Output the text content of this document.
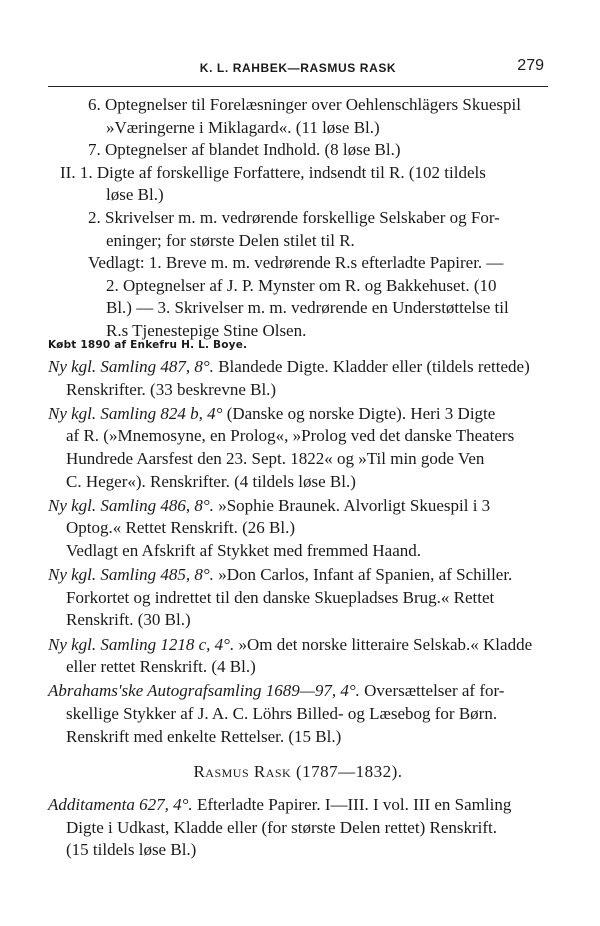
K. L. RAHBEK—RASMUS RASK	279
6. Optegnelser til Forelæsninger over Oehlenschlägers Skuespil
»Væringerne i Miklagard«. (11 løse Bl.)
7. Optegnelser af blandet Indhold. (8 løse Bl.)
II. 1. Digte af forskellige Forfattere, indsendt til R. (102 tildels
løse Bl.)
2. Skrivelser m. m. vedrørende forskellige Selskaber og For-
eninger; for største Delen stilet til R.
Vedlagt: 1. Breve m. m. vedrørende R.s efterladte Papirer. —
2. Optegnelser af J. P. Mynster om R. og Bakkehuset. (10
Bl.) — 3. Skrivelser m. m. vedrørende en Understøttelse til
R.s Tjenestepige Stine Olsen.
Købt 1890 af Enkefru H. L. Boye.
Ny kgl. Samling 487, 8°. Blandede Digte. Kladder eller (tildels rettede)
Renskrifter. (33 beskrevne Bl.)
Ny kgl. Samling 824 b, 4° (Danske og norske Digte). Heri 3 Digte
af R. (»Mnemosyne, en Prolog«, »Prolog ved det danske Theaters
Hundrede Aarsfest den 23. Sept. 1822« og »Til min gode Ven
C. Heger«). Renskrifter. (4 tildels løse Bl.)
Ny kgl. Samling 486, 8°. »Sophie Braunek. Alvorligt Skuespil i 3
Optog.« Rettet Renskrift. (26 Bl.)
Vedlagt en Afskrift af Stykket med fremmed Haand.
Ny kgl. Samling 485, 8°. »Don Carlos, Infant af Spanien, af Schiller.
Forkortet og indrettet til den danske Skuepladses Brug.« Rettet
Renskrift. (30 Bl.)
Ny kgl. Samling 1218 c, 4°. »Om det norske litteraire Selskab.« Kladde
eller rettet Renskrift. (4 Bl.)
Abrahams'ske Autografsamling 1689—97, 4°. Oversættelser af for-
skellige Stykker af J. A. C. Löhrs Billed- og Læsebog for Børn.
Renskrift med enkelte Rettelser. (15 Bl.)
Rasmus Rask (1787—1832).
Additamenta 627, 4°. Efterladte Papirer. I—III. I vol. III en Samling
Digte i Udkast, Kladde eller (for største Delen rettet) Renskrift.
(15 tildels løse Bl.)
